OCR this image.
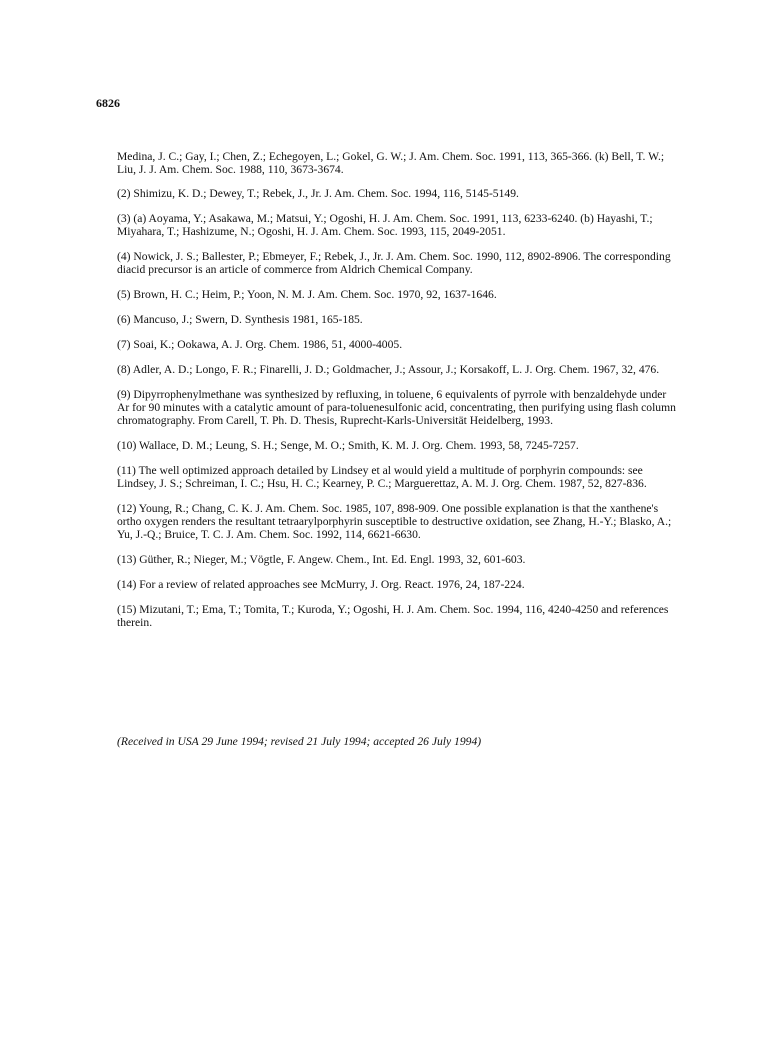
6826

Medina, J. C.; Gay, I.; Chen, Z.; Echegoyen, L.; Gokel, G. W.; J. Am. Chem. Soc. 1991, 113, 365-366. (k) Bell, T. W.; Liu, J. J. Am. Chem. Soc. 1988, 110, 3673-3674.

(2) Shimizu, K. D.; Dewey, T.; Rebek, J., Jr. J. Am. Chem. Soc. 1994, 116, 5145-5149.

(3) (a) Aoyama, Y.; Asakawa, M.; Matsui, Y.; Ogoshi, H. J. Am. Chem. Soc. 1991, 113, 6233-6240. (b) Hayashi, T.; Miyahara, T.; Hashizume, N.; Ogoshi, H. J. Am. Chem. Soc. 1993, 115, 2049-2051.

(4) Nowick, J. S.; Ballester, P.; Ebmeyer, F.; Rebek, J., Jr. J. Am. Chem. Soc. 1990, 112, 8902-8906. The corresponding diacid precursor is an article of commerce from Aldrich Chemical Company.

(5) Brown, H. C.; Heim, P.; Yoon, N. M. J. Am. Chem. Soc. 1970, 92, 1637-1646.

(6) Mancuso, J.; Swern, D. Synthesis 1981, 165-185.

(7) Soai, K.; Ookawa, A. J. Org. Chem. 1986, 51, 4000-4005.

(8) Adler, A. D.; Longo, F. R.; Finarelli, J. D.; Goldmacher, J.; Assour, J.; Korsakoff, L. J. Org. Chem. 1967, 32, 476.

(9) Dipyrrophenylmethane was synthesized by refluxing, in toluene, 6 equivalents of pyrrole with benzaldehyde under Ar for 90 minutes with a catalytic amount of para-toluenesulfonic acid, concentrating, then purifying using flash column chromatography. From Carell, T. Ph. D. Thesis, Ruprecht-Karls-Universität Heidelberg, 1993.

(10) Wallace, D. M.; Leung, S. H.; Senge, M. O.; Smith, K. M. J. Org. Chem. 1993, 58, 7245-7257.

(11) The well optimized approach detailed by Lindsey et al would yield a multitude of porphyrin compounds: see Lindsey, J. S.; Schreiman, I. C.; Hsu, H. C.; Kearney, P. C.; Marguerettaz, A. M. J. Org. Chem. 1987, 52, 827-836.

(12) Young, R.; Chang, C. K. J. Am. Chem. Soc. 1985, 107, 898-909. One possible explanation is that the xanthene's ortho oxygen renders the resultant tetraarylporphyrin susceptible to destructive oxidation, see Zhang, H.-Y.; Blasko, A.; Yu, J.-Q.; Bruice, T. C. J. Am. Chem. Soc. 1992, 114, 6621-6630.

(13) Güther, R.; Nieger, M.; Vögtle, F. Angew. Chem., Int. Ed. Engl. 1993, 32, 601-603.

(14) For a review of related approaches see McMurry, J. Org. React. 1976, 24, 187-224.

(15) Mizutani, T.; Ema, T.; Tomita, T.; Kuroda, Y.; Ogoshi, H. J. Am. Chem. Soc. 1994, 116, 4240-4250 and references therein.

(Received in USA 29 June 1994; revised 21 July 1994; accepted 26 July 1994)
